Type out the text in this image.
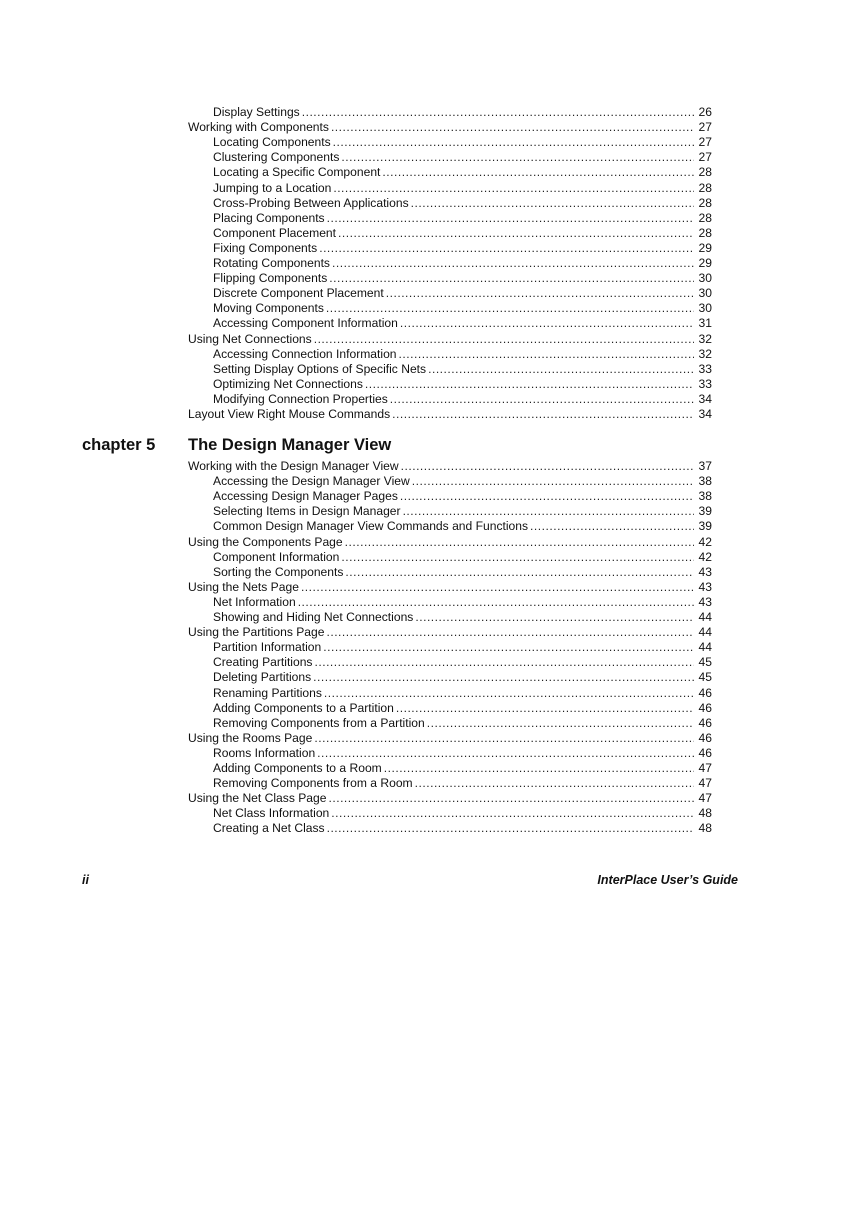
Display Settings .....	26
Working with Components .....	27
Locating Components .....	27
Clustering Components .....	27
Locating a Specific Component .....	28
Jumping to a Location .....	28
Cross-Probing Between Applications .....	28
Placing Components .....	28
Component Placement .....	28
Fixing Components .....	29
Rotating Components .....	29
Flipping Components .....	30
Discrete Component Placement .....	30
Moving Components .....	30
Accessing Component Information .....	31
Using Net Connections .....	32
Accessing Connection Information .....	32
Setting Display Options of Specific Nets .....	33
Optimizing Net Connections .....	33
Modifying Connection Properties .....	34
Layout View Right Mouse Commands .....	34
chapter 5 The Design Manager View
Working with the Design Manager View .....	37
Accessing the Design Manager View .....	38
Accessing Design Manager Pages .....	38
Selecting Items in Design Manager .....	39
Common Design Manager View Commands and Functions .....	39
Using the Components Page .....	42
Component Information .....	42
Sorting the Components .....	43
Using the Nets Page .....	43
Net Information .....	43
Showing and Hiding Net Connections .....	44
Using the Partitions Page .....	44
Partition Information .....	44
Creating Partitions .....	45
Deleting Partitions .....	45
Renaming Partitions .....	46
Adding Components to a Partition .....	46
Removing Components from a Partition .....	46
Using the Rooms Page .....	46
Rooms Information .....	46
Adding Components to a Room .....	47
Removing Components from a Room .....	47
Using the Net Class Page .....	47
Net Class Information .....	48
Creating a Net Class .....	48
ii	InterPlace User’s Guide
